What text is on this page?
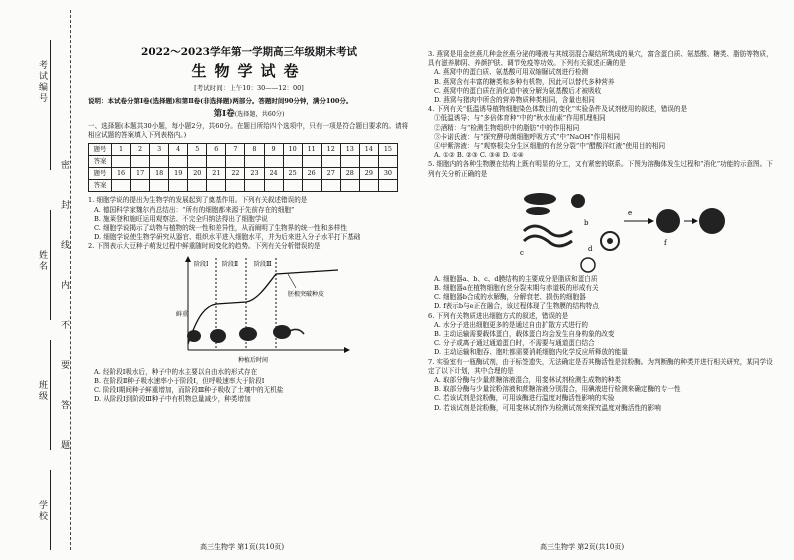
考试编号
姓名
班级
学校
密
封
线
内
不
要
答
题
2022～2023学年第一学期高三年级期末考试
生物学试卷
[考试时间：上午10：30——12：00]
说明：本试卷分第Ⅰ卷(选择题)和第Ⅱ卷(非选择题)两部分。答题时间90分钟，满分100分。
第Ⅰ卷(选择题，共60分)

一、选择题(本题共30小题，每小题2分，共60分。在题目所给四个选项中，只有一项是符合题目要求的。请将相应试题的答案填入下列表格内。)

题号	1	2	3	4	5	6	7	8	9	10	11	12	13	14	15
答案															
题号	16	17	18	19	20	21	22	23	24	25	26	27	28	29	30
答案															

1. 细胞学说的提出为生物学的发展起到了奠基作用。下列有关叙述错误的是

A. 德国科学家魏尔肖总结出：“所有的细胞都来源于先前存在的细胞”

B. 施莱登和施旺运用观察法、不完全归纳法得出了细胞学说

C. 细胞学说揭示了动物与植物的统一性和差异性，从而阐明了生物界的统一性和多样性

D. 细胞学说使生物学研究从器官、组织水平进入细胞水平，并为后来进入分子水平打下基础

2. 下图表示大豆种子萌发过程中鲜重随时间变化的趋势。下列有关分析错误的是

阶段Ⅰ 阶段Ⅱ	阶段Ⅲ
胚根突破种皮
鲜重
种植后时间

A. 经阶段Ⅰ吸水后，种子中的水主要以自由水的形式存在

B. 在阶段Ⅱ种子吸水速率小于阶段Ⅰ，但呼吸速率大于阶段Ⅰ

C. 阶段Ⅰ期间种子鲜重增加，而阶段Ⅲ种子吸收了土壤中的无机盐

D. 从阶段Ⅰ到阶段Ⅲ种子中有机物总量减少，种类增加

高三生物学 第1页(共10页)

3. 燕窝是用金丝燕几种金丝燕分泌的唾液与其绒羽混合凝结所筑成的巢穴，富含蛋白质、氨基酸、糖类、脂肪等物质，具有滋养肺阴、养颜护肤、调节免疫等功效。下列有关叙述正确的是

A. 燕窝中的蛋白质、氨基酸可用双缩脲试剂进行检测

B. 燕窝含有丰富的糖类和多种有机物，因此可以替代多种营养

C. 燕窝中的蛋白质在消化道中被分解为氨基酸后才被吸收

D. 燕窝与猪肉中所含的营养物质种类相同，含量也相同

4. 下列有关“低温诱导植物细胞染色体数目的变化”实验条件及试剂使用的叙述，错误的是

①低温诱导；与“多倍体育种”中的“秋水仙素”作用机理相同

②酒精：与“检测生物组织中的脂肪”中的作用相同

③卡诺氏液：与“探究酵母菌细胞呼吸方式”中“NaOH”作用相同

④甲紫溶液：与“观察根尖分生区细胞的有丝分裂”中“醋酸洋红液”使用目的相同

A. ①② B. ②③ C. ③④ D. ①④

5. 细胞内的各种生物膜在结构上既有明显的分工，又有紧密的联系。下图为溶酶体发生过程和“消化”功能的示意图。下列有关分析正确的是

b
c	d
e
f

A. 细胞器a、b、c、d膜结构的主要成分是脂质和蛋白质

B. 细胞器a在植物细胞有丝分裂末期与赤道板的形成有关

C. 细胞器b合成的水解酶，分解衰老、损伤的细胞器

D. f表示b与e正在融合，该过程体现了生物膜的结构特点

6. 下列有关物质进出细胞方式的叙述，错误的是

A. 水分子进出细胞更多的是通过自由扩散方式进行的

B. 主动运输需要载体蛋白，载体蛋白均会发生自身构象的改变

C. 分子或离子通过通道蛋白时，不需要与通道蛋白结合

D. 主动运输和胞吞、胞吐都需要消耗细胞内化学反应所释放的能量

7. 实验室有一瓶酶试剂，由于标签遗失，无法确定是否其酶活性是淀粉酶。为判断酶的种类并进行相关研究，某同学设定了以下计划，其中合理的是

A. 取部分酶与少量蔗糖溶液混合，用斐林试剂检测生成物的种类

B. 取部分酶与少量淀粉溶液和蔗糖溶液分别混合，用碘液进行检测来确定酶的专一性

C. 若该试剂是淀粉酶，可用该酶进行温度对酶活性影响的实验

D. 若该试剂是淀粉酶，可用斐林试剂作为检测试剂来探究温度对酶活性的影响

高三生物学 第2页(共10页)
